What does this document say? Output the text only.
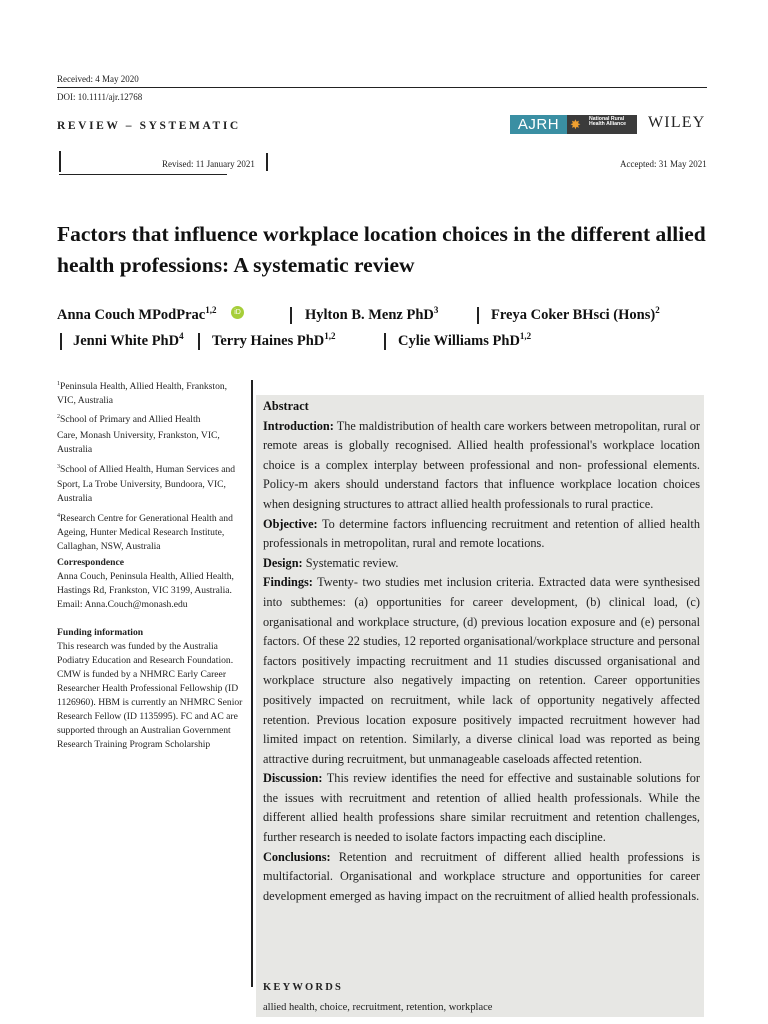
Received: 4 May 2020
DOI: 10.1111/ajr.12768
REVIEW – SYSTEMATIC	AJRH ✸ National Rural Health Alliance	WILEY
Revised: 11 January 2021	Accepted: 31 May 2021
Factors that influence workplace location choices in the different allied health professions: A systematic review
Anna Couch MPodPrac$^{1,2}$	iD	Hylton B. Menz PhD$^3$	Freya Coker BHsci (Hons)$^2$
Jenni White PhD$^4$ Terry Haines PhD$^{1,2}$	Cylie Williams PhD$^{1,2}$

$^1$Peninsula Health, Allied Health, Frankston,
VIC, Australia

$^2$School of Primary and Allied Health

Care, Monash University, Frankston, VIC, Australia

$^3$School of Allied Health, Human Services and Sport, La Trobe University, Bundoora, VIC, Australia

$^4$Research Centre for Generational Health and Ageing, Hunter Medical Research Institute, Callaghan, NSW, Australia

Correspondence

Anna Couch, Peninsula Health, Allied Health, Hastings Rd, Frankston, VIC 3199, Australia.

Email: Anna.Couch@monash.edu

Funding information

This research was funded by the Australia Podiatry Education and Research Foundation. CMW is funded by a NHMRC Early Career Researcher Health Professional Fellowship (ID 1126960). HBM is currently an NHMRC Senior Research Fellow (ID 1135995). FC and AC are supported through an Australian Government Research Training Program Scholarship

Abstract

Introduction: The maldistribution of health care workers between metropolitan, rural or remote areas is globally recognised. Allied health professional's workplace location choice is a complex interplay between professional and non- professional elements. Policy-m akers should understand factors that influence workplace location choices when designing structures to attract allied health professionals to rural practice.

Objective: To determine factors influencing recruitment and retention of allied health professionals in metropolitan, rural and remote locations.

Design: Systematic review.

Findings: Twenty- two studies met inclusion criteria. Extracted data were synthesised into subthemes: (a) opportunities for career development, (b) clinical load, (c) organisational and workplace structure, (d) previous location exposure and (e) personal factors. Of these 22 studies, 12 reported organisational/workplace structure and personal factors positively impacting recruitment and 11 studies discussed organisational and workplace structure also negatively impacting on retention. Career opportunities positively impacted on recruitment, while lack of opportunity negatively affected retention. Previous location exposure positively impacted recruitment however had limited impact on retention. Similarly, a diverse clinical load was reported as being attractive during recruitment, but unmanageable caseloads affected retention.

Discussion: This review identifies the need for effective and sustainable solutions for the issues with recruitment and retention of allied health professionals. While the different allied health professions share similar recruitment and retention challenges, further research is needed to isolate factors impacting each discipline.

Conclusions: Retention and recruitment of different allied health professions is multifactorial. Organisational and workplace structure and opportunities for career development emerged as having impact on the recruitment of allied health professionals.

KEYWORDS
allied health, choice, recruitment, retention, workplace
